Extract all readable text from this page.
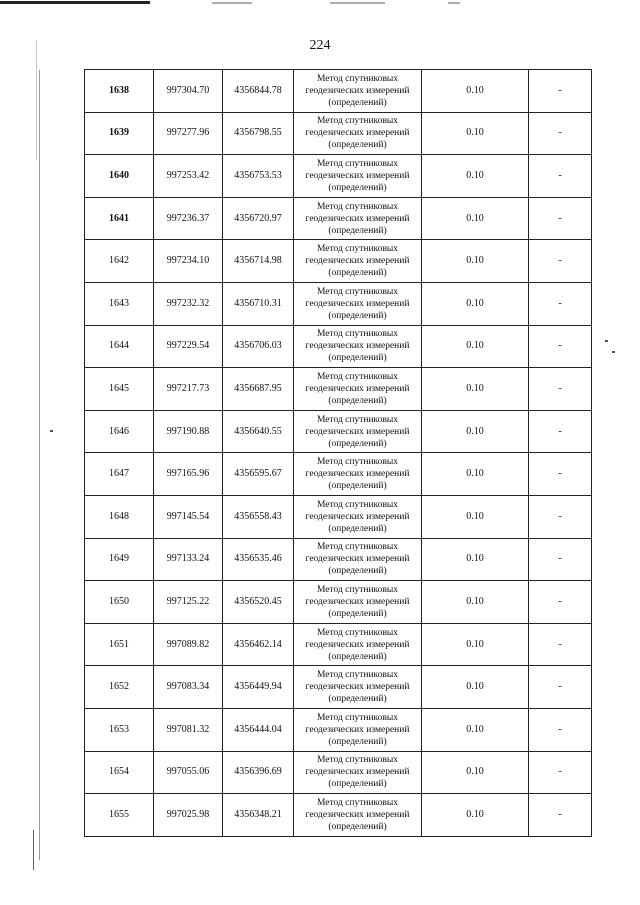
224
1638	997304.70	4356844.78	Метод спутниковых геодезических измерений (определений)	0.10	-
1639	997277.96	4356798.55	Метод спутниковых геодезических измерений (определений)	0.10	-
1640	997253.42	4356753.53	Метод спутниковых геодезических измерений (определений)	0.10	-
1641	997236.37	4356720.97	Метод спутниковых геодезических измерений (определений)	0.10	-
1642	997234.10	4356714.98	Метод спутниковых геодезических измерений (определений)	0.10	-
1643	997232.32	4356710.31	Метод спутниковых геодезических измерений (определений)	0.10	-
1644	997229.54	4356706.03	Метод спутниковых геодезических измерений (определений)	0.10	-
1645	997217.73	4356687.95	Метод спутниковых геодезических измерений (определений)	0.10	-
1646	997190.88	4356640.55	Метод спутниковых геодезических измерений (определений)	0.10	-
1647	997165.96	4356595.67	Метод спутниковых геодезических измерений (определений)	0.10	-
1648	997145.54	4356558.43	Метод спутниковых геодезических измерений (определений)	0.10	-
1649	997133.24	4356535.46	Метод спутниковых геодезических измерений (определений)	0.10	-
1650	997125.22	4356520.45	Метод спутниковых геодезических измерений (определений)	0.10	-
1651	997089.82	4356462.14	Метод спутниковых геодезических измерений (определений)	0.10	-
1652	997083.34	4356449.94	Метод спутниковых геодезических измерений (определений)	0.10	-
1653	997081.32	4356444.04	Метод спутниковых геодезических измерений (определений)	0.10	-
1654	997055.06	4356396.69	Метод спутниковых геодезических измерений (определений)	0.10	-
1655	997025.98	4356348.21	Метод спутниковых геодезических измерений (определений)	0.10	-
